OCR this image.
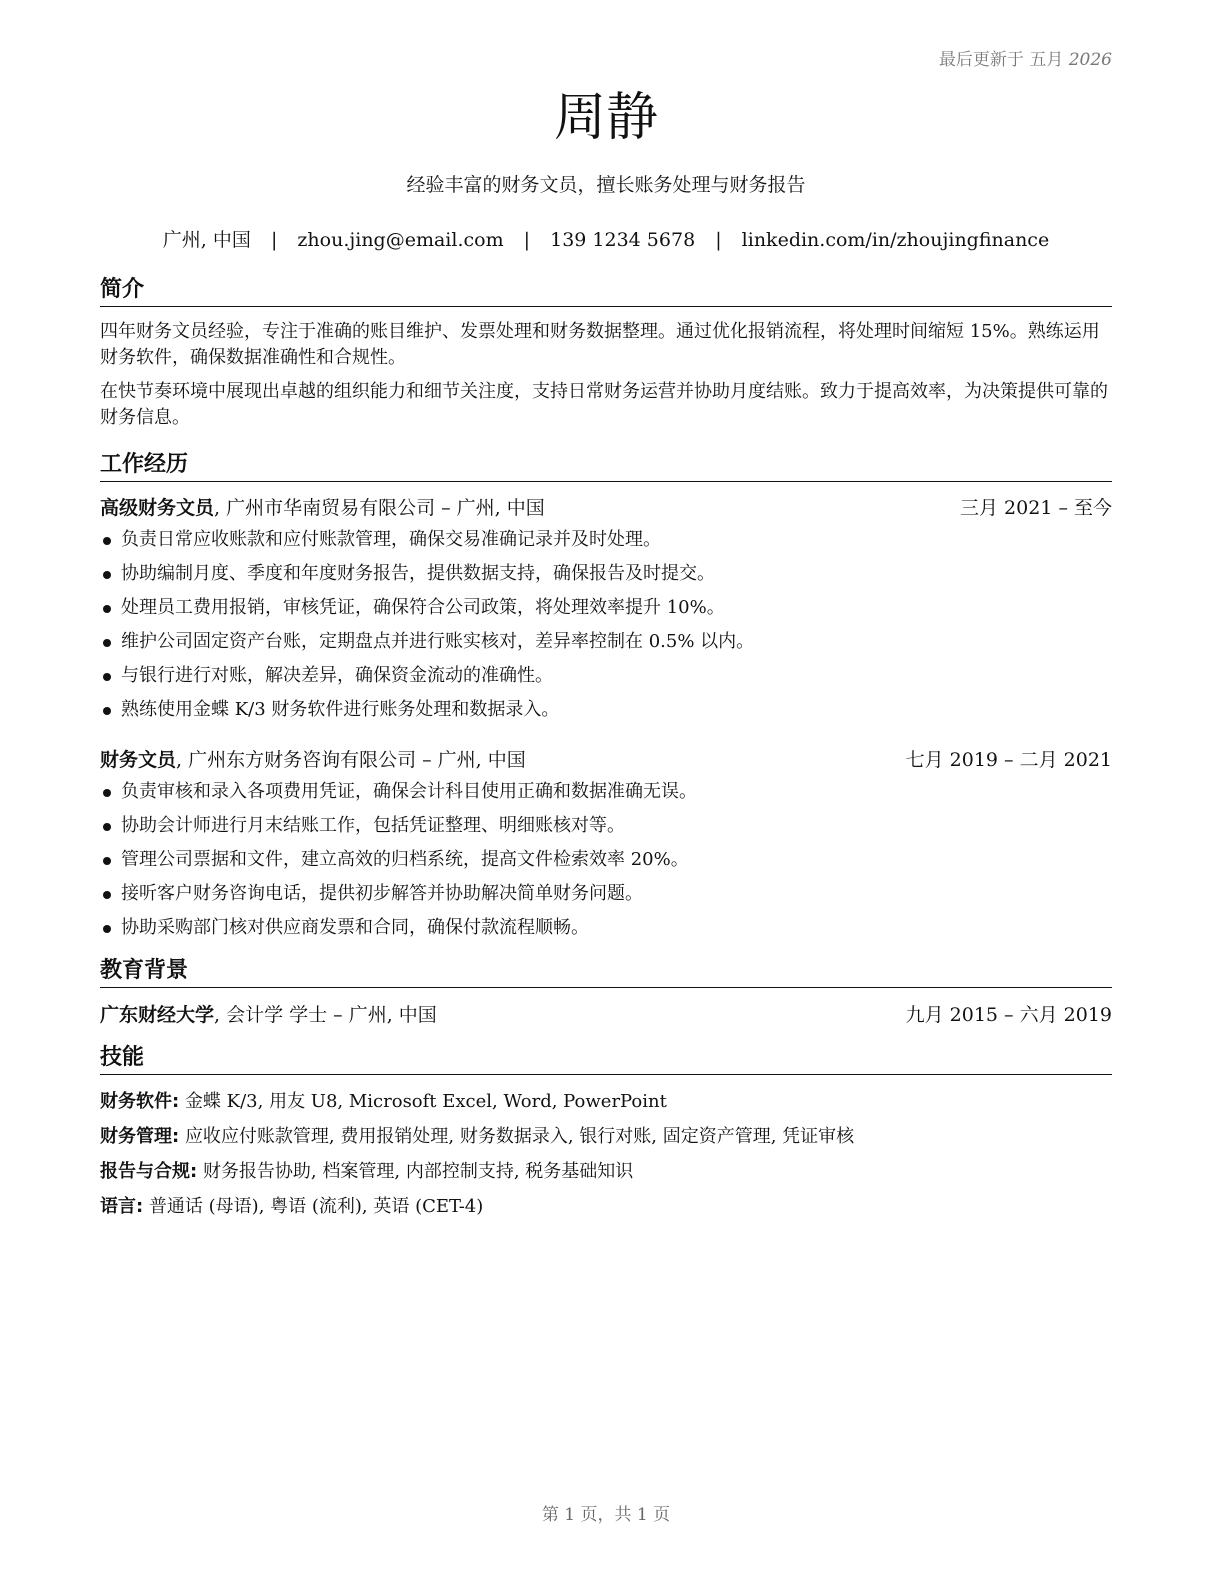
最后更新于 五月 2026
周静
经验丰富的财务文员，擅长账务处理与财务报告
广州, 中国 | zhou.jing@email.com | 139 1234 5678 | linkedin.com/in/zhoujingfinance
简介

四年财务文员经验，专注于准确的账目维护、发票处理和财务数据整理。通过优化报销流程，将处理时间缩短 15%。熟练运用财务软件，确保数据准确性和合规性。

在快节奏环境中展现出卓越的组织能力和细节关注度，支持日常财务运营并协助月度结账。致力于提高效率，为决策提供可靠的财务信息。

工作经历
高级财务文员, 广州市华南贸易有限公司 – 广州, 中国	三月 2021 – 至今
负责日常应收账款和应付账款管理，确保交易准确记录并及时处理。
协助编制月度、季度和年度财务报告，提供数据支持，确保报告及时提交。
处理员工费用报销，审核凭证，确保符合公司政策，将处理效率提升 10%。
维护公司固定资产台账，定期盘点并进行账实核对，差异率控制在 0.5% 以内。
与银行进行对账，解决差异，确保资金流动的准确性。
熟练使用金蝶 K/3 财务软件进行账务处理和数据录入。
财务文员, 广州东方财务咨询有限公司 – 广州, 中国	七月 2019 – 二月 2021
负责审核和录入各项费用凭证，确保会计科目使用正确和数据准确无误。
协助会计师进行月末结账工作，包括凭证整理、明细账核对等。
管理公司票据和文件，建立高效的归档系统，提高文件检索效率 20%。
接听客户财务咨询电话，提供初步解答并协助解决简单财务问题。
协助采购部门核对供应商发票和合同，确保付款流程顺畅。
教育背景
广东财经大学, 会计学 学士 – 广州, 中国	九月 2015 – 六月 2019
技能
财务软件: 金蝶 K/3, 用友 U8, Microsoft Excel, Word, PowerPoint
财务管理: 应收应付账款管理, 费用报销处理, 财务数据录入, 银行对账, 固定资产管理, 凭证审核
报告与合规: 财务报告协助, 档案管理, 内部控制支持, 税务基础知识
语言: 普通话 (母语), 粤语 (流利), 英语 (CET-4)
第 1 页，共 1 页
